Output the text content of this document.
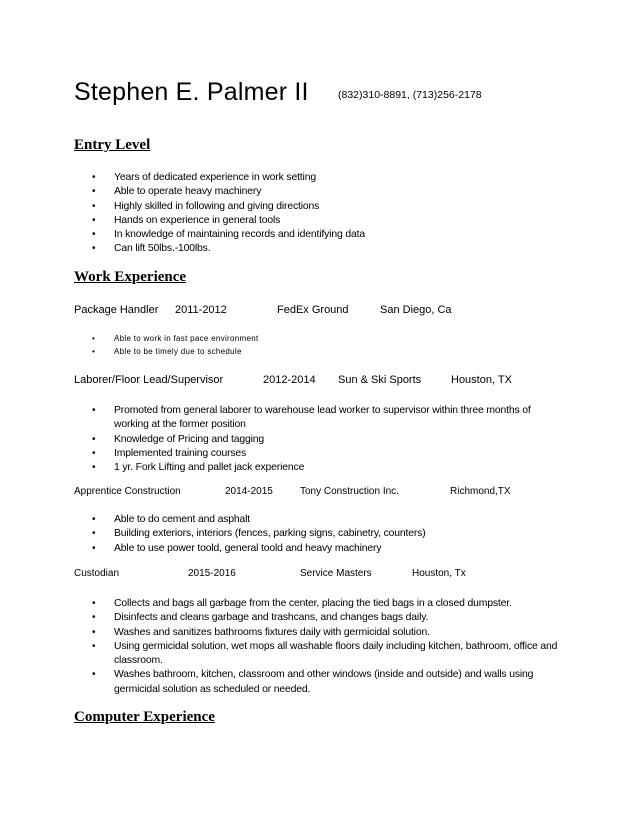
Stephen E. Palmer II	(832)310-8891, (713)256-2178
Entry Level
• Years of dedicated experience in work setting
• Able to operate heavy machinery
• Highly skilled in following and giving directions
• Hands on experience in general tools
• In knowledge of maintaining records and identifying data
• Can lift 50lbs.-100lbs.
Work Experience
Package Handler 2011-2012	FedEx Ground	San Diego, Ca
• Able to work in fast pace environment
• Able to be timely due to schedule
Laborer/Floor Lead/Supervisor	2012-2014 Sun & Ski Sports	Houston, TX
• Promoted from general laborer to warehouse lead worker to supervisor within three months of working at the former position
• Knowledge of Pricing and tagging
• Implemented training courses
• 1 yr. Fork Lifting and pallet jack experience
Apprentice Construction	2014-2015	Tony Construction Inc.	Richmond,TX
• Able to do cement and asphalt
• Building exteriors, interiors (fences, parking signs, cabinetry, counters)
• Able to use power toold, general toold and heavy machinery
Custodian	2015-2016	Service Masters	Houston, Tx
• Collects and bags all garbage from the center, placing the tied bags in a closed dumpster.
• Disinfects and cleans garbage and trashcans, and changes bags daily.
• Washes and sanitizes bathrooms fixtures daily with germicidal solution.
• Using germicidal solution, wet mops all washable floors daily including kitchen, bathroom, office and classroom.
• Washes bathroom, kitchen, classroom and other windows (inside and outside) and walls using germicidal solution as scheduled or needed.
Computer Experience
